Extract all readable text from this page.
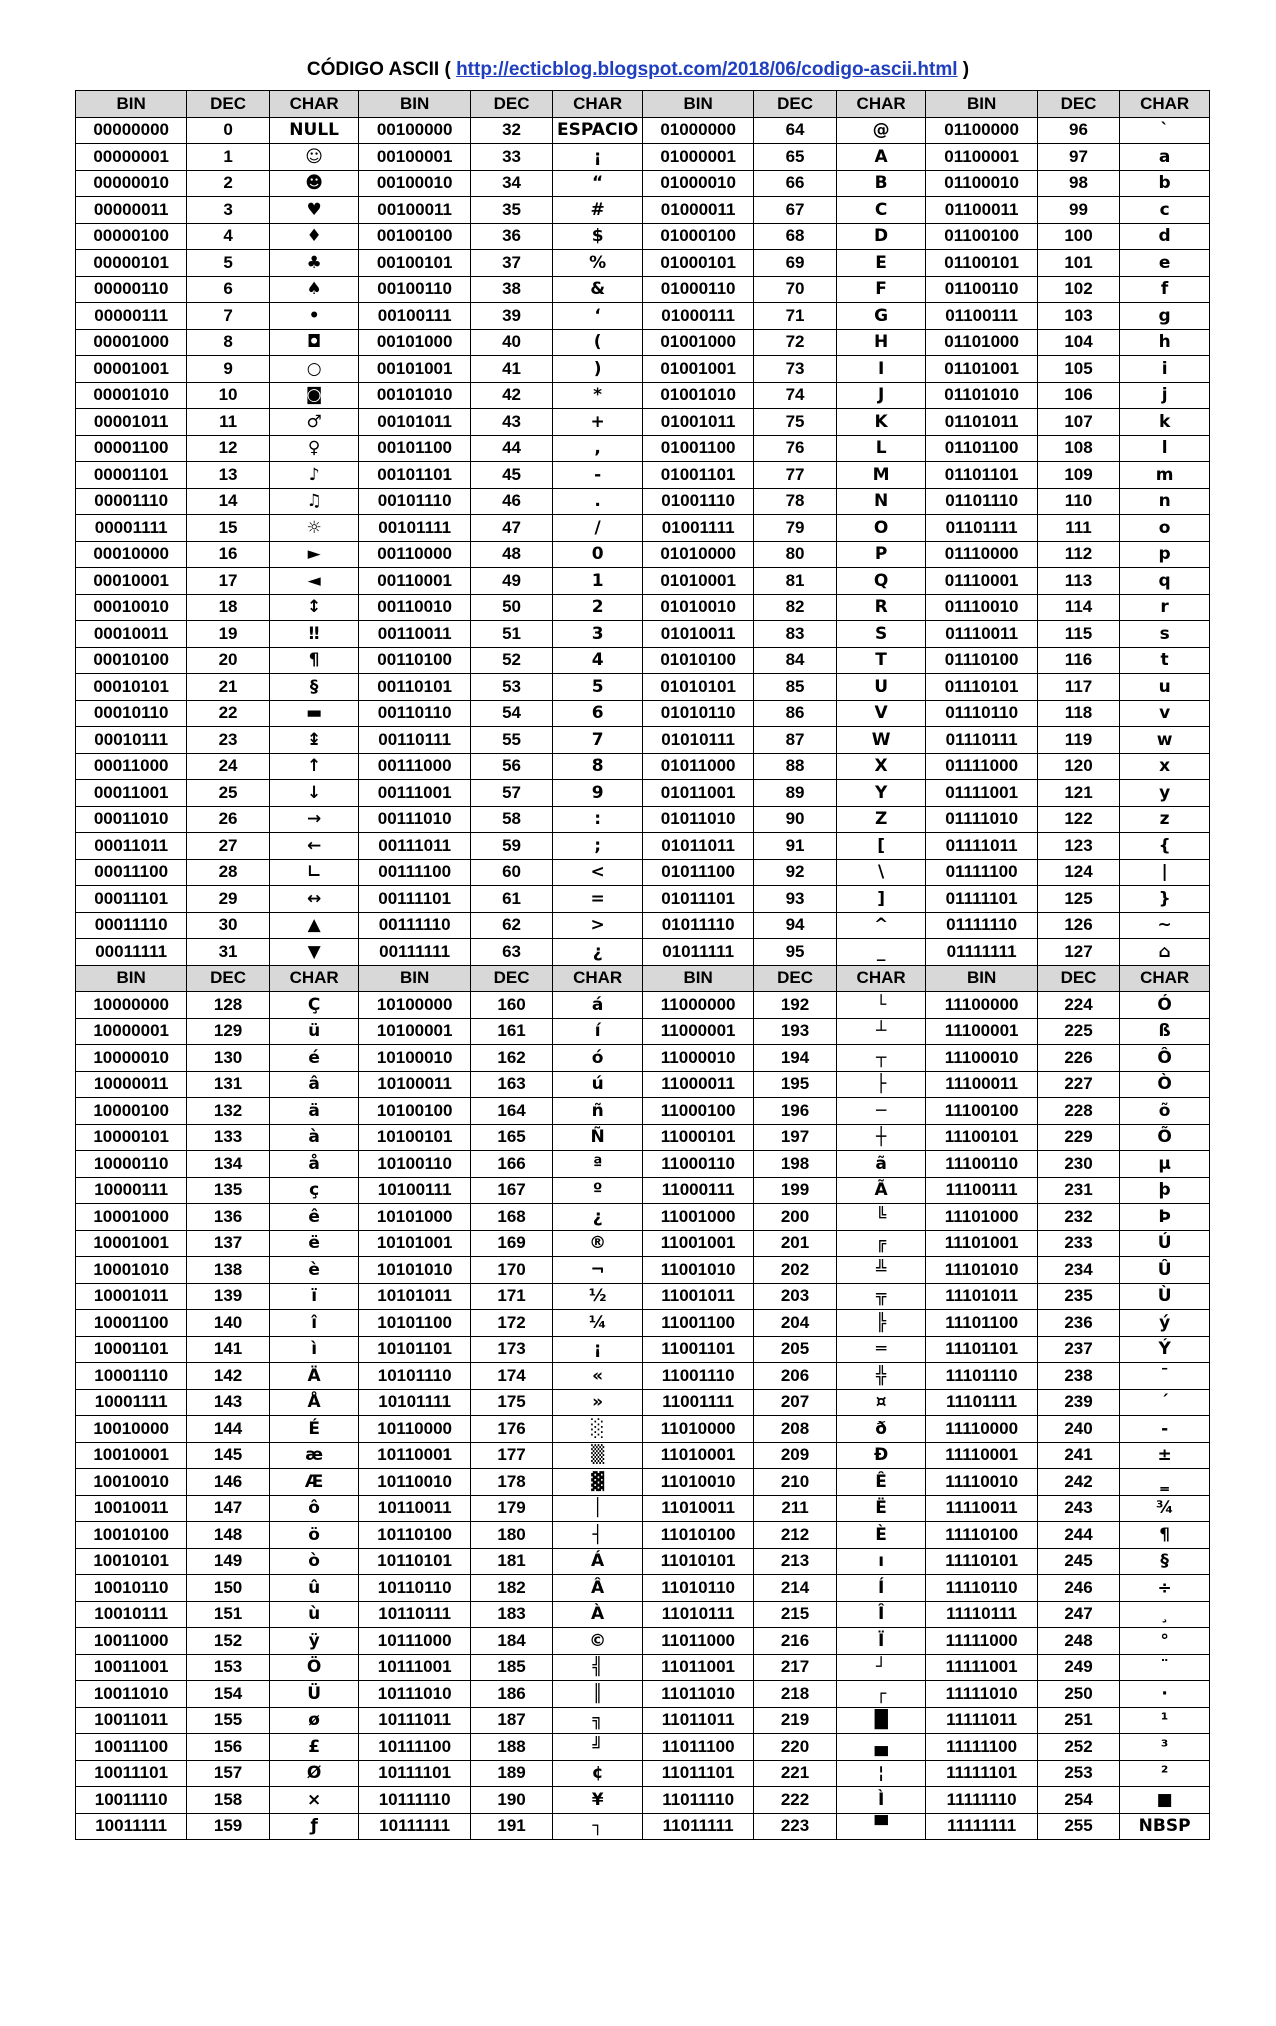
CÓDIGO ASCII ( http://ecticblog.blogspot.com/2018/06/codigo-ascii.html )
BIN	DEC	CHAR	BIN	DEC	CHAR	BIN	DEC	CHAR	BIN	DEC	CHAR
00000000	0	NULL	00100000	32	ESPACIO	01000000	64	@	01100000	96	`
00000001	1	☺	00100001	33	¡	01000001	65	A	01100001	97	a
00000010	2	☻	00100010	34	“	01000010	66	B	01100010	98	b
00000011	3	♥	00100011	35	#	01000011	67	C	01100011	99	c
00000100	4	♦	00100100	36	$	01000100	68	D	01100100	100	d
00000101	5	♣	00100101	37	%	01000101	69	E	01100101	101	e
00000110	6	♠	00100110	38	&	01000110	70	F	01100110	102	f
00000111	7	•	00100111	39	‘	01000111	71	G	01100111	103	g
00001000	8	◘	00101000	40	(	01001000	72	H	01101000	104	h
00001001	9	○	00101001	41	)	01001001	73	I	01101001	105	i
00001010	10	◙	00101010	42	*	01001010	74	J	01101010	106	j
00001011	11	♂	00101011	43	+	01001011	75	K	01101011	107	k
00001100	12	♀	00101100	44	,	01001100	76	L	01101100	108	l
00001101	13	♪	00101101	45	-	01001101	77	M	01101101	109	m
00001110	14	♫	00101110	46	.	01001110	78	N	01101110	110	n
00001111	15	☼	00101111	47	/	01001111	79	O	01101111	111	o
00010000	16	►	00110000	48	0	01010000	80	P	01110000	112	p
00010001	17	◄	00110001	49	1	01010001	81	Q	01110001	113	q
00010010	18	↕	00110010	50	2	01010010	82	R	01110010	114	r
00010011	19	‼	00110011	51	3	01010011	83	S	01110011	115	s
00010100	20	¶	00110100	52	4	01010100	84	T	01110100	116	t
00010101	21	§	00110101	53	5	01010101	85	U	01110101	117	u
00010110	22	▬	00110110	54	6	01010110	86	V	01110110	118	v
00010111	23	↨	00110111	55	7	01010111	87	W	01110111	119	w
00011000	24	↑	00111000	56	8	01011000	88	X	01111000	120	x
00011001	25	↓	00111001	57	9	01011001	89	Y	01111001	121	y
00011010	26	→	00111010	58	:	01011010	90	Z	01111010	122	z
00011011	27	←	00111011	59	;	01011011	91	[	01111011	123	{
00011100	28	∟	00111100	60	<	01011100	92	\	01111100	124	|
00011101	29	↔	00111101	61	=	01011101	93	]	01111101	125	}
00011110	30	▲	00111110	62	>	01011110	94	^	01111110	126	~
00011111	31	▼	00111111	63	¿	01011111	95	_	01111111	127	⌂
BIN	DEC	CHAR	BIN	DEC	CHAR	BIN	DEC	CHAR	BIN	DEC	CHAR
10000000	128	Ç	10100000	160	á	11000000	192	└	11100000	224	Ó
10000001	129	ü	10100001	161	í	11000001	193	┴	11100001	225	ß
10000010	130	é	10100010	162	ó	11000010	194	┬	11100010	226	Ô
10000011	131	â	10100011	163	ú	11000011	195	├	11100011	227	Ò
10000100	132	ä	10100100	164	ñ	11000100	196	─	11100100	228	õ
10000101	133	à	10100101	165	Ñ	11000101	197	┼	11100101	229	Õ
10000110	134	å	10100110	166	ª	11000110	198	ã	11100110	230	µ
10000111	135	ç	10100111	167	º	11000111	199	Ã	11100111	231	þ
10001000	136	ê	10101000	168	¿	11001000	200	╚	11101000	232	Þ
10001001	137	ë	10101001	169	®	11001001	201	╔	11101001	233	Ú
10001010	138	è	10101010	170	¬	11001010	202	╩	11101010	234	Û
10001011	139	ï	10101011	171	½	11001011	203	╦	11101011	235	Ù
10001100	140	î	10101100	172	¼	11001100	204	╠	11101100	236	ý
10001101	141	ì	10101101	173	¡	11001101	205	═	11101101	237	Ý
10001110	142	Ä	10101110	174	«	11001110	206	╬	11101110	238	¯
10001111	143	Å	10101111	175	»	11001111	207	¤	11101111	239	´
10010000	144	É	10110000	176	░	11010000	208	ð	11110000	240	-
10010001	145	æ	10110001	177	▒	11010001	209	Ð	11110001	241	±
10010010	146	Æ	10110010	178	▓	11010010	210	Ê	11110010	242	‗
10010011	147	ô	10110011	179	│	11010011	211	Ë	11110011	243	¾
10010100	148	ö	10110100	180	┤	11010100	212	È	11110100	244	¶
10010101	149	ò	10110101	181	Á	11010101	213	ı	11110101	245	§
10010110	150	û	10110110	182	Â	11010110	214	Í	11110110	246	÷
10010111	151	ù	10110111	183	À	11010111	215	Î	11110111	247	¸
10011000	152	ÿ	10111000	184	©	11011000	216	Ï	11111000	248	°
10011001	153	Ö	10111001	185	╣	11011001	217	┘	11111001	249	¨
10011010	154	Ü	10111010	186	║	11011010	218	┌	11111010	250	·
10011011	155	ø	10111011	187	╗	11011011	219	█	11111011	251	¹
10011100	156	£	10111100	188	╝	11011100	220	▄	11111100	252	³
10011101	157	Ø	10111101	189	¢	11011101	221	¦	11111101	253	²
10011110	158	×	10111110	190	¥	11011110	222	Ì	11111110	254	■
10011111	159	ƒ	10111111	191	┐	11011111	223	▀	11111111	255	NBSP
